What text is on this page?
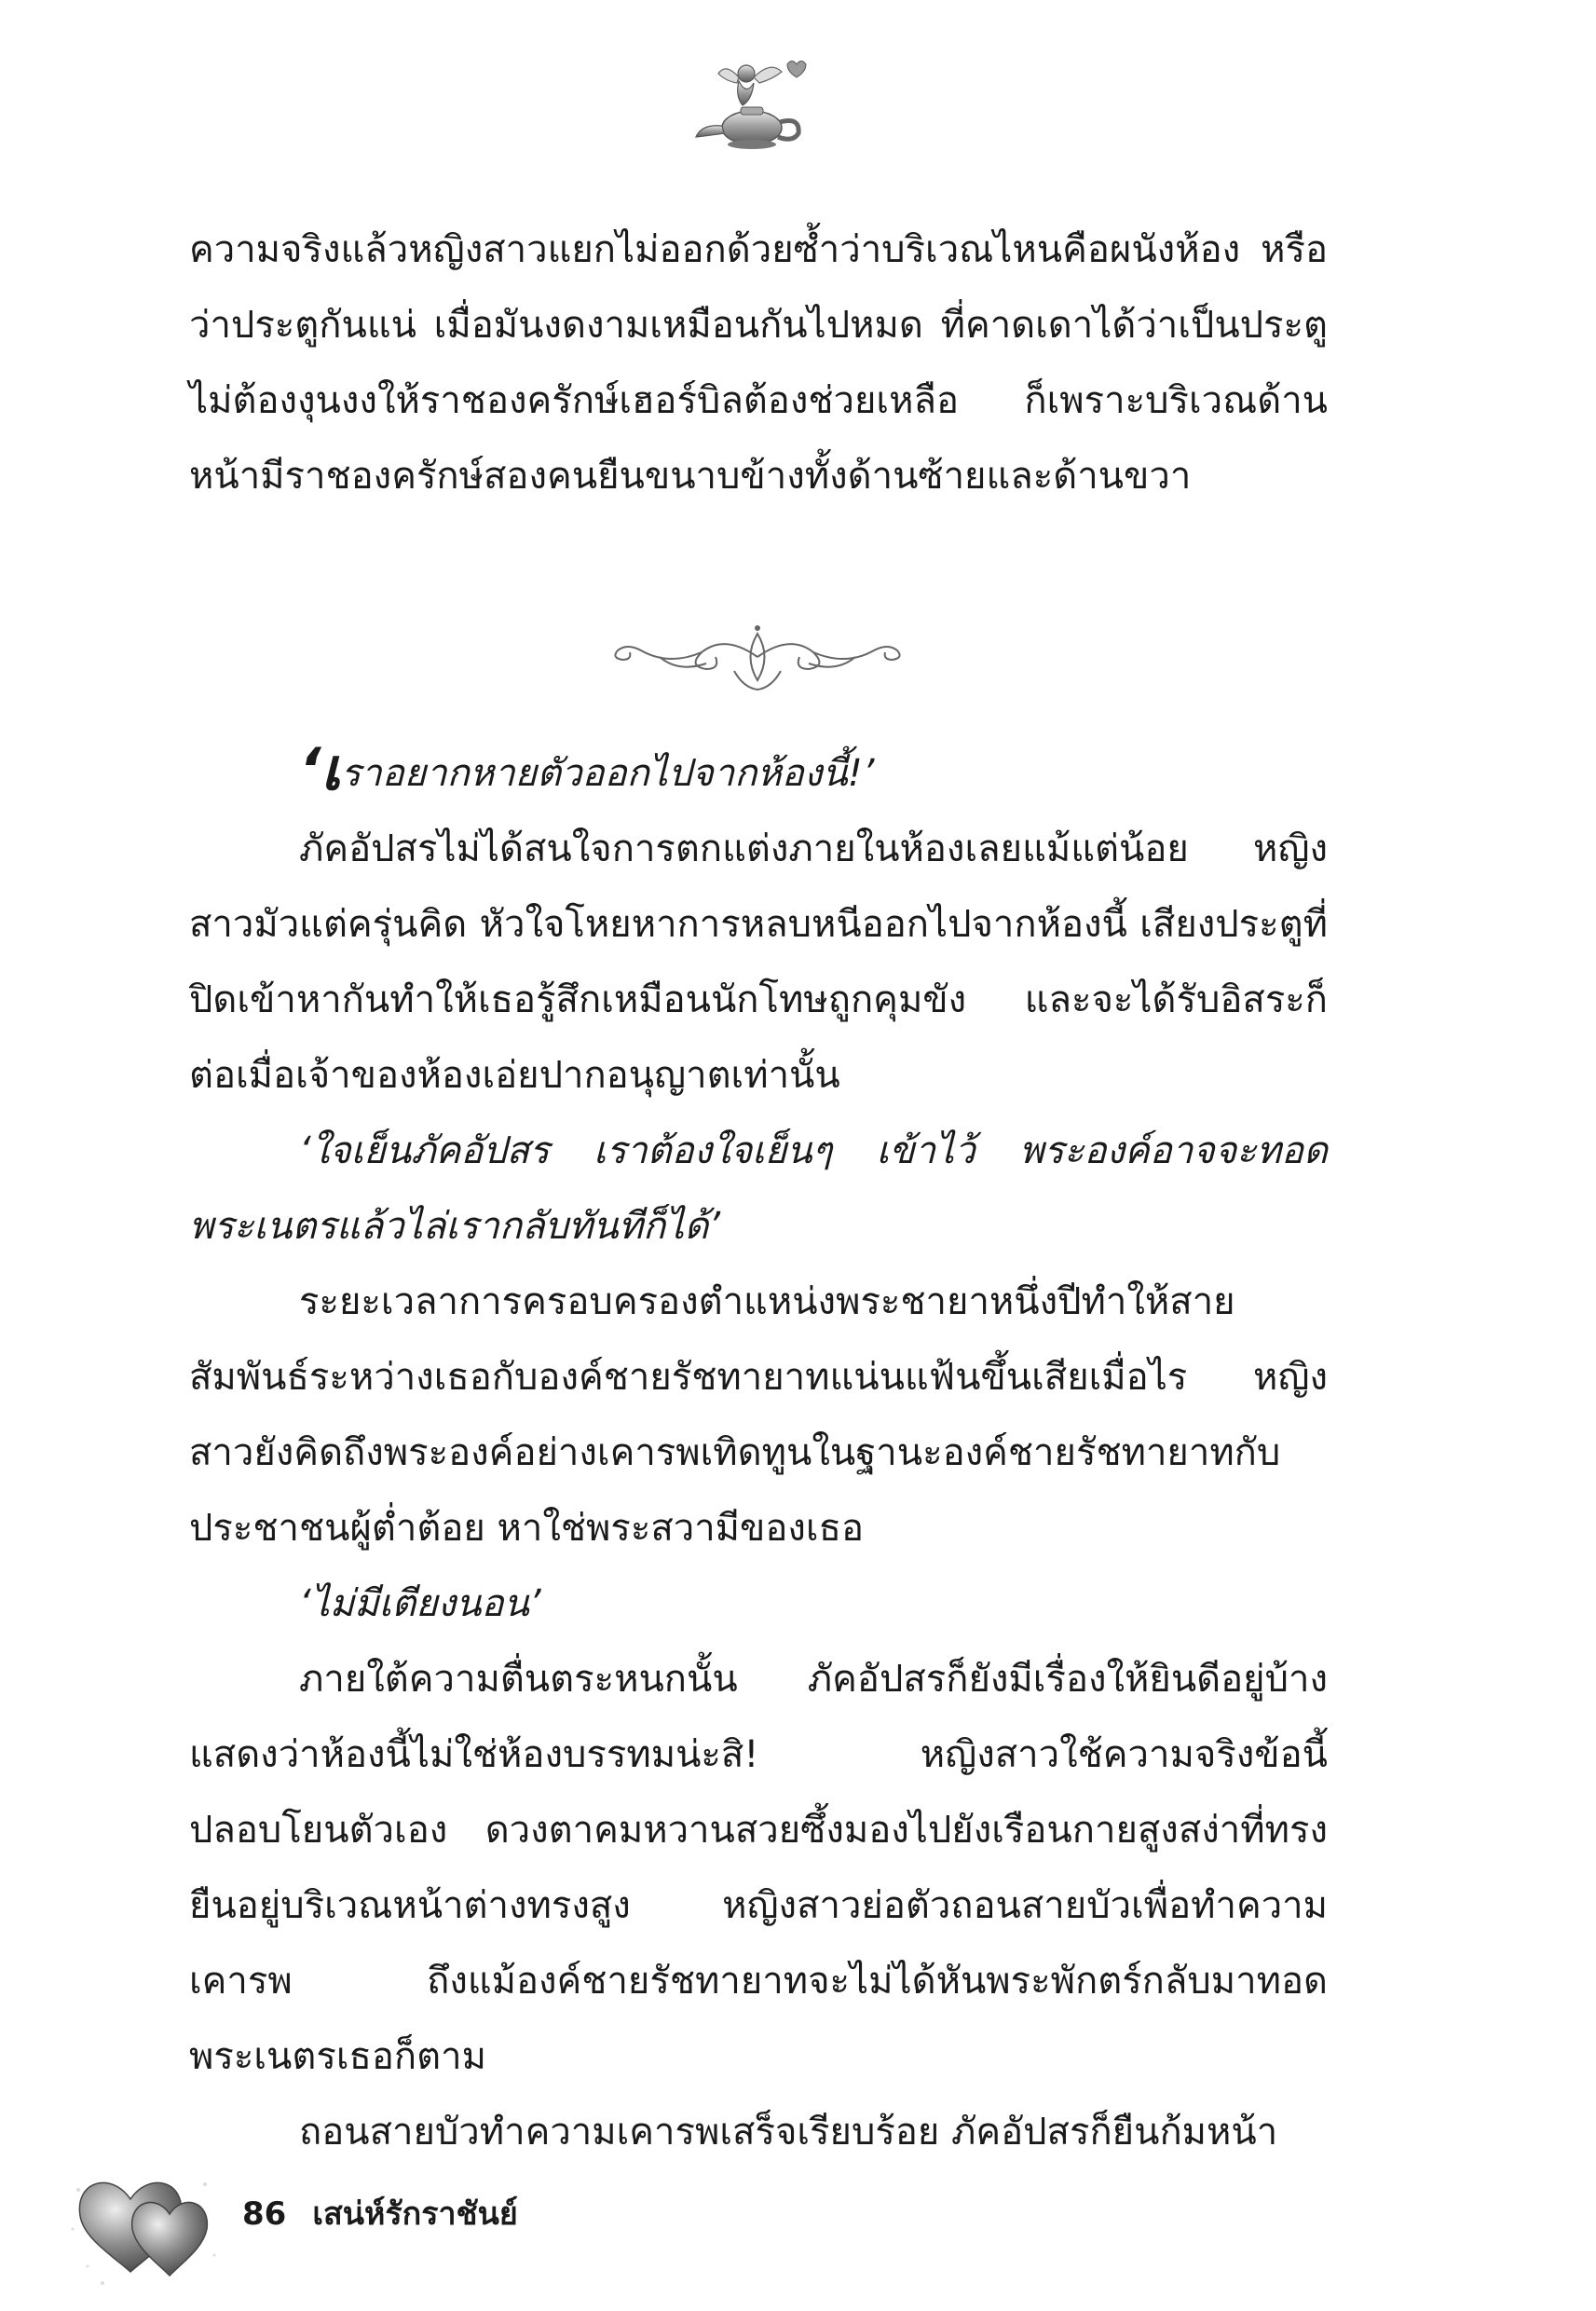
ความจริงแล้วหญิงสาวแยกไม่ออกด้วยซ้ำว่าบริเวณไหนคือผนังห้อง หรือว่าประตูกันแน่ เมื่อมันงดงามเหมือนกันไปหมด ที่คาดเดาได้ว่าเป็นประตู ไม่ต้องงุนงงให้ราชองครักษ์เฮอร์บิลต้องช่วยเหลือ ก็เพราะบริเวณด้านหน้ามีราชองครักษ์สองคนยืนขนาบข้างทั้งด้านซ้ายและด้านขวา

‘เราอยากหายตัวออกไปจากห้องนี้!’

ภัคอัปสรไม่ได้สนใจการตกแต่งภายในห้องเลยแม้แต่น้อย หญิงสาวมัวแต่ครุ่นคิด หัวใจโหยหาการหลบหนีออกไปจากห้องนี้ เสียงประตูที่ปิดเข้าหากันทำให้เธอรู้สึกเหมือนนักโทษถูกคุมขัง และจะได้รับอิสระก็ต่อเมื่อเจ้าของห้องเอ่ยปากอนุญาตเท่านั้น

‘ใจเย็นภัคอัปสร เราต้องใจเย็นๆ เข้าไว้ พระองค์อาจจะทอดพระเนตรแล้วไล่เรากลับทันทีก็ได้’

ระยะเวลาการครอบครองตำแหน่งพระชายาหนึ่งปีทำให้สายสัมพันธ์ระหว่างเธอกับองค์ชายรัชทายาทแน่นแฟ้นขึ้นเสียเมื่อไร หญิงสาวยังคิดถึงพระองค์อย่างเคารพเทิดทูนในฐานะองค์ชายรัชทายาทกับประชาชนผู้ต่ำต้อย หาใช่พระสวามีของเธอ

‘ไม่มีเตียงนอน’

ภายใต้ความตื่นตระหนกนั้น ภัคอัปสรก็ยังมีเรื่องให้ยินดีอยู่บ้าง แสดงว่าห้องนี้ไม่ใช่ห้องบรรทมน่ะสิ! หญิงสาวใช้ความจริงข้อนี้ปลอบโยนตัวเอง ดวงตาคมหวานสวยซึ้งมองไปยังเรือนกายสูงสง่าที่ทรงยืนอยู่บริเวณหน้าต่างทรงสูง หญิงสาวย่อตัวถอนสายบัวเพื่อทำความเคารพ ถึงแม้องค์ชายรัชทายาทจะไม่ได้หันพระพักตร์กลับมาทอดพระเนตรเธอก็ตาม

ถอนสายบัวทำความเคารพเสร็จเรียบร้อย ภัคอัปสรก็ยืนก้มหน้า

86 เสน่ห์รักราชันย์
